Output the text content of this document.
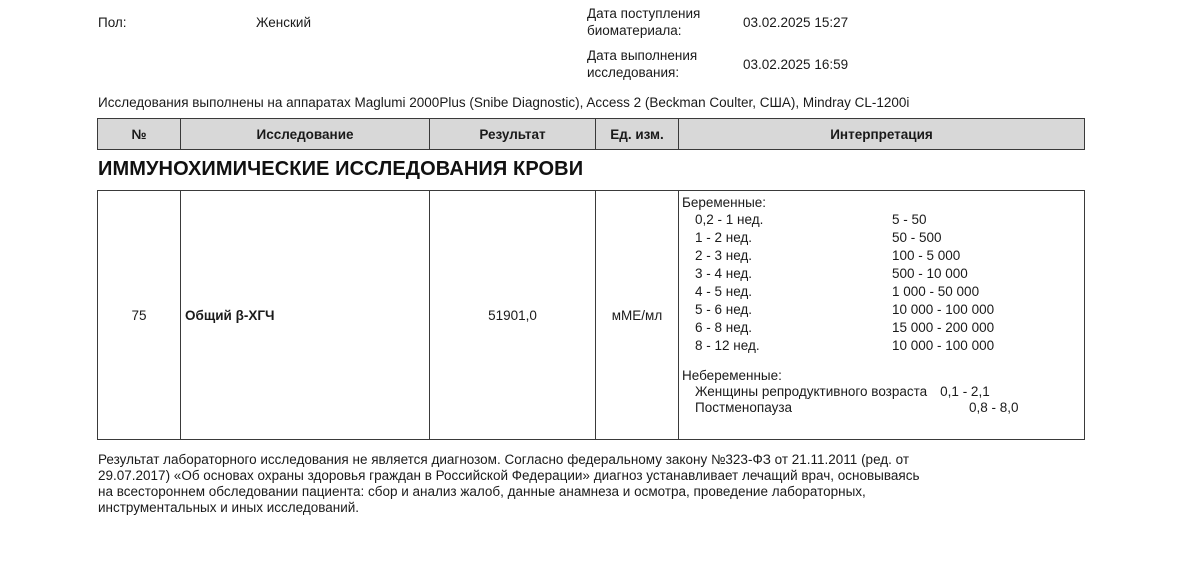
Пол:	Женский
Дата поступления
биоматериала:
03.02.2025 15:27
Дата выполнения
исследования:
03.02.2025 16:59
Исследования выполнены на аппаратах Maglumi 2000Plus (Snibe Diagnostic), Access 2 (Beckman Coulter, США), Mindray CL-1200i
№	Исследование	Результат	Ед. изм.	Интерпретация
ИММУНОХИМИЧЕСКИЕ ИССЛЕДОВАНИЯ КРОВИ
75	Общий β-ХГЧ	51901,0	мМЕ/мл	
Беременные:
0,2 - 1 нед.	5 - 50
1 - 2 нед.	50 - 500
2 - 3 нед.	100 - 5 000
3 - 4 нед.	500 - 10 000
4 - 5 нед.	1 000 - 50 000
5 - 6 нед.	10 000 - 100 000
6 - 8 нед.	15 000 - 200 000
8 - 12 нед.	10 000 - 100 000
Небеременные:
Женщины репродуктивного возраста 0,1 - 2,1
Постменопауза	0,8 - 8,0
Результат лабораторного исследования не является диагнозом. Согласно федеральному закону №323-ФЗ от 21.11.2011 (ред. от
29.07.2017) «Об основах охраны здоровья граждан в Российской Федерации» диагноз устанавливает лечащий врач, основываясь
на всестороннем обследовании пациента: сбор и анализ жалоб, данные анамнеза и осмотра, проведение лабораторных,
инструментальных и иных исследований.
